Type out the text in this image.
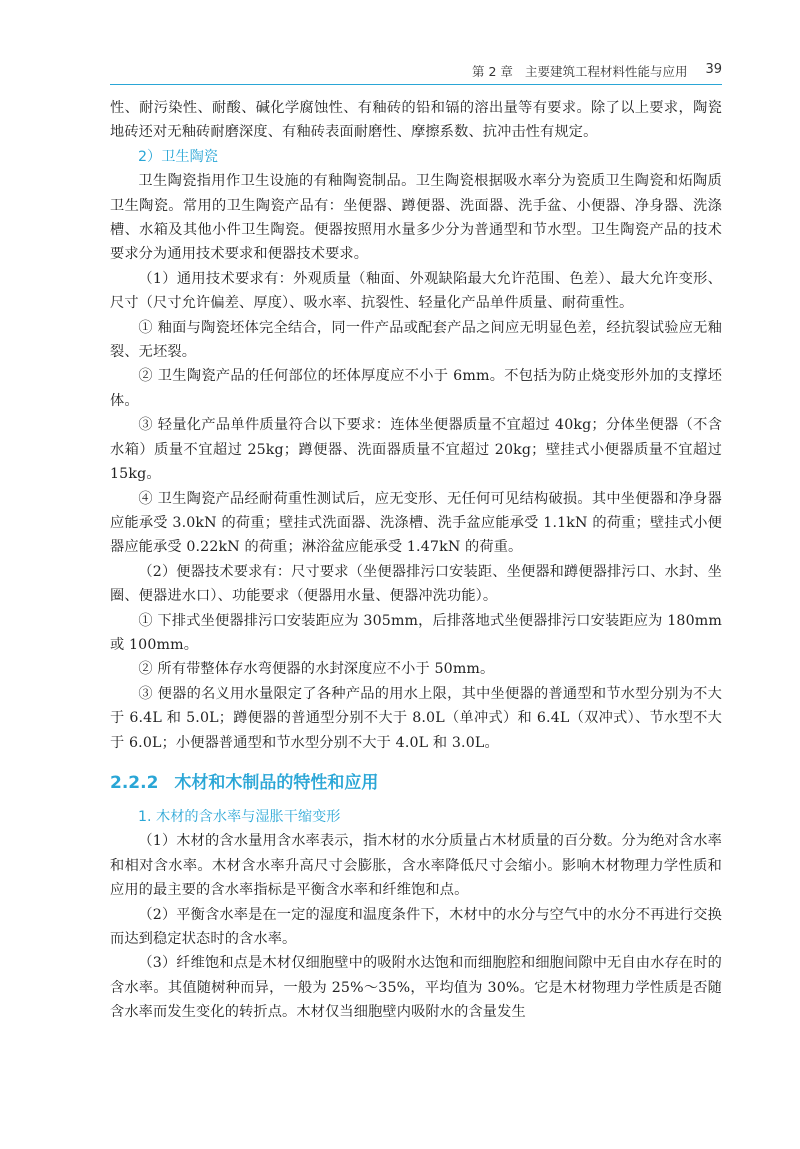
第 2 章 主要建筑工程材料性能与应用 39

性、耐污染性、耐酸、碱化学腐蚀性、有釉砖的铅和镉的溶出量等有要求。除了以上要求，陶瓷地砖还对无釉砖耐磨深度、有釉砖表面耐磨性、摩擦系数、抗冲击性有规定。

2）卫生陶瓷

卫生陶瓷指用作卫生设施的有釉陶瓷制品。卫生陶瓷根据吸水率分为瓷质卫生陶瓷和炻陶质卫生陶瓷。常用的卫生陶瓷产品有：坐便器、蹲便器、洗面器、洗手盆、小便器、净身器、洗涤槽、水箱及其他小件卫生陶瓷。便器按照用水量多少分为普通型和节水型。卫生陶瓷产品的技术要求分为通用技术要求和便器技术要求。

（1）通用技术要求有：外观质量（釉面、外观缺陷最大允许范围、色差）、最大允许变形、尺寸（尺寸允许偏差、厚度）、吸水率、抗裂性、轻量化产品单件质量、耐荷重性。

① 釉面与陶瓷坯体完全结合，同一件产品或配套产品之间应无明显色差，经抗裂试验应无釉裂、无坯裂。

② 卫生陶瓷产品的任何部位的坯体厚度应不小于 6mm。不包括为防止烧变形外加的支撑坯体。

③ 轻量化产品单件质量符合以下要求：连体坐便器质量不宜超过 40kg；分体坐便器（不含水箱）质量不宜超过 25kg；蹲便器、洗面器质量不宜超过 20kg；壁挂式小便器质量不宜超过 15kg。

④ 卫生陶瓷产品经耐荷重性测试后，应无变形、无任何可见结构破损。其中坐便器和净身器应能承受 3.0kN 的荷重；壁挂式洗面器、洗涤槽、洗手盆应能承受 1.1kN 的荷重；壁挂式小便器应能承受 0.22kN 的荷重；淋浴盆应能承受 1.47kN 的荷重。

（2）便器技术要求有：尺寸要求（坐便器排污口安装距、坐便器和蹲便器排污口、水封、坐圈、便器进水口）、功能要求（便器用水量、便器冲洗功能）。

① 下排式坐便器排污口安装距应为 305mm，后排落地式坐便器排污口安装距应为 180mm 或 100mm。

② 所有带整体存水弯便器的水封深度应不小于 50mm。

③ 便器的名义用水量限定了各种产品的用水上限，其中坐便器的普通型和节水型分别为不大于 6.4L 和 5.0L；蹲便器的普通型分别不大于 8.0L（单冲式）和 6.4L（双冲式）、节水型不大于 6.0L；小便器普通型和节水型分别不大于 4.0L 和 3.0L。

2.2.2 木材和木制品的特性和应用
1. 木材的含水率与湿胀干缩变形

（1）木材的含水量用含水率表示，指木材的水分质量占木材质量的百分数。分为绝对含水率和相对含水率。木材含水率升高尺寸会膨胀，含水率降低尺寸会缩小。影响木材物理力学性质和应用的最主要的含水率指标是平衡含水率和纤维饱和点。

（2）平衡含水率是在一定的湿度和温度条件下，木材中的水分与空气中的水分不再进行交换而达到稳定状态时的含水率。

（3）纤维饱和点是木材仅细胞壁中的吸附水达饱和而细胞腔和细胞间隙中无自由水存在时的含水率。其值随树种而异，一般为 25%～35%，平均值为 30%。它是木材物理力学性质是否随含水率而发生变化的转折点。木材仅当细胞壁内吸附水的含量发生
